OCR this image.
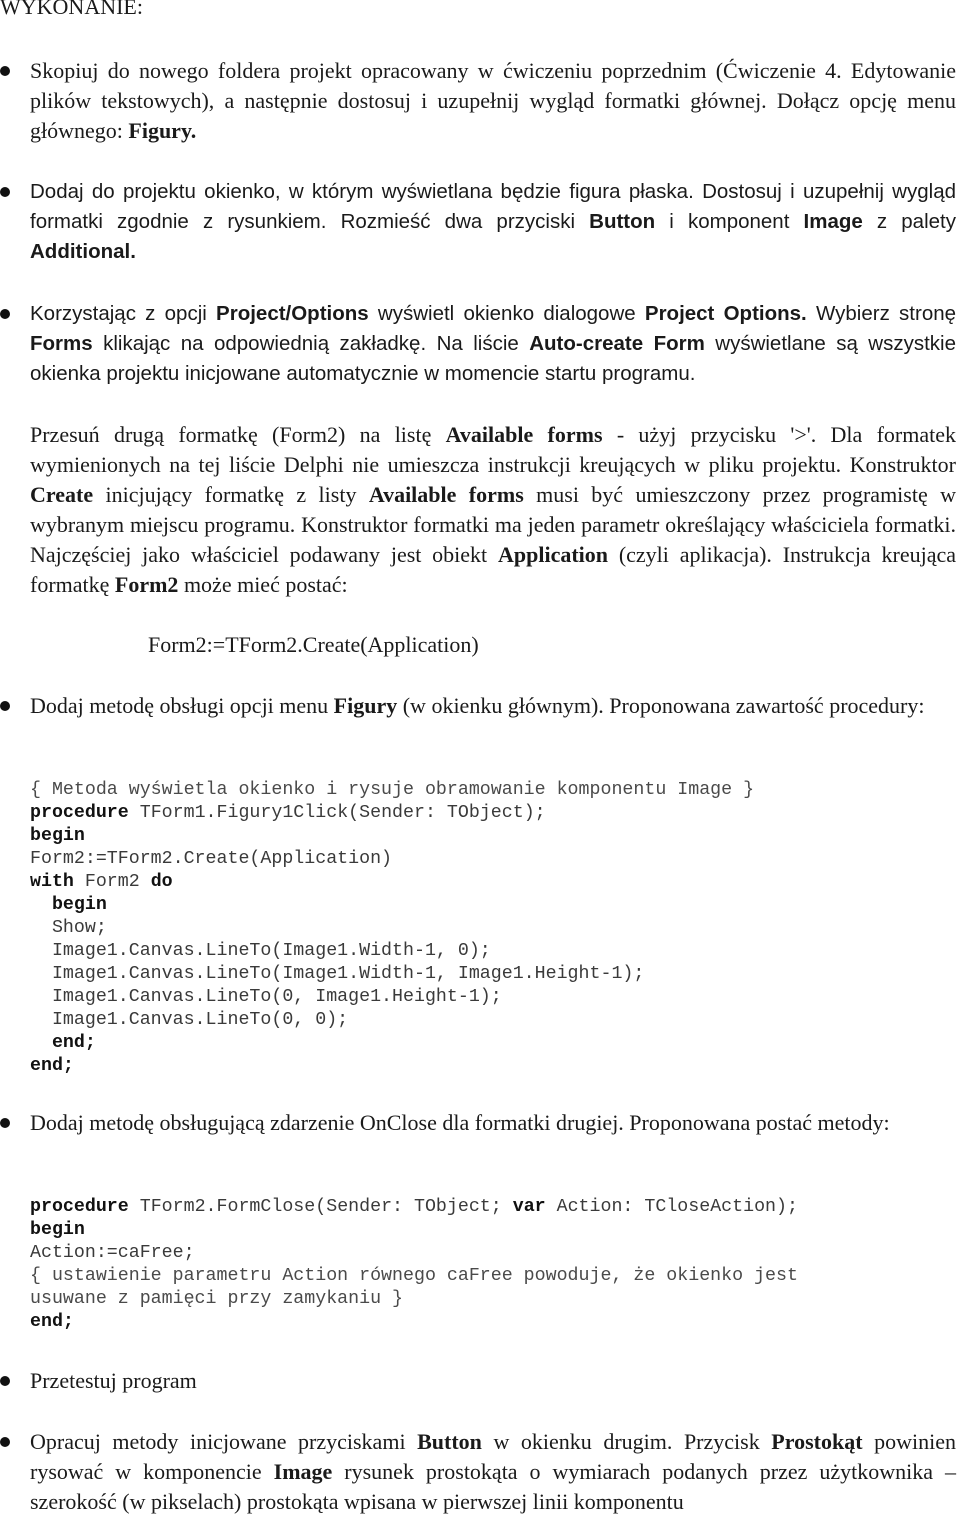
WYKONANIE:

Skopiuj do nowego foldera projekt opracowany w ćwiczeniu poprzednim (Ćwiczenie 4. Edytowanie plików tekstowych), a następnie dostosuj i uzupełnij wygląd formatki głównej. Dołącz opcję menu głównego: Figury.

Dodaj do projektu okienko, w którym wyświetlana będzie figura płaska. Dostosuj i uzupełnij wygląd formatki zgodnie z rysunkiem. Rozmieść dwa przyciski Button i komponent Image z palety Additional.

Korzystając z opcji Project/Options wyświetl okienko dialogowe Project Options. Wybierz stronę Forms klikając na odpowiednią zakładkę. Na liście Auto-create Form wyświetlane są wszystkie okienka projektu inicjowane automatycznie w momencie startu programu.

Przesuń drugą formatkę (Form2) na listę Available forms - użyj przycisku '>'. Dla formatek wymienionych na tej liście Delphi nie umieszcza instrukcji kreujących w pliku projektu. Konstruktor Create inicjujący formatkę z listy Available forms musi być umieszczony przez programistę w wybranym miejscu programu. Konstruktor formatki ma jeden parametr określający właściciela formatki. Najczęściej jako właściciel podawany jest obiekt Application (czyli aplikacja). Instrukcja kreująca formatkę Form2 może mieć postać:

Form2:=TForm2.Create(Application)

Dodaj metodę obsługi opcji menu Figury (w okienku głównym). Proponowana zawartość procedury:

{ Metoda wyświetla okienko i rysuje obramowanie komponentu Image }
procedure TForm1.Figury1Click(Sender: TObject);
begin
Form2:=TForm2.Create(Application)
with Form2 do
begin
Show;
Image1.Canvas.LineTo(Image1.Width-1, 0);
Image1.Canvas.LineTo(Image1.Width-1, Image1.Height-1);
Image1.Canvas.LineTo(0, Image1.Height-1);
Image1.Canvas.LineTo(0, 0);
end;
end;

Dodaj metodę obsługującą zdarzenie OnClose dla formatki drugiej. Proponowana postać metody:

procedure TForm2.FormClose(Sender: TObject; var Action: TCloseAction);
begin
Action:=caFree;
{ ustawienie parametru Action równego caFree powoduje, że okienko jest
usuwane z pamięci przy zamykaniu }
end;

Przetestuj program

Opracuj metody inicjowane przyciskami Button w okienku drugim. Przycisk Prostokąt powinien rysować w komponencie Image rysunek prostokąta o wymiarach podanych przez użytkownika – szerokość (w pikselach) prostokąta wpisana w pierwszej linii komponentu
